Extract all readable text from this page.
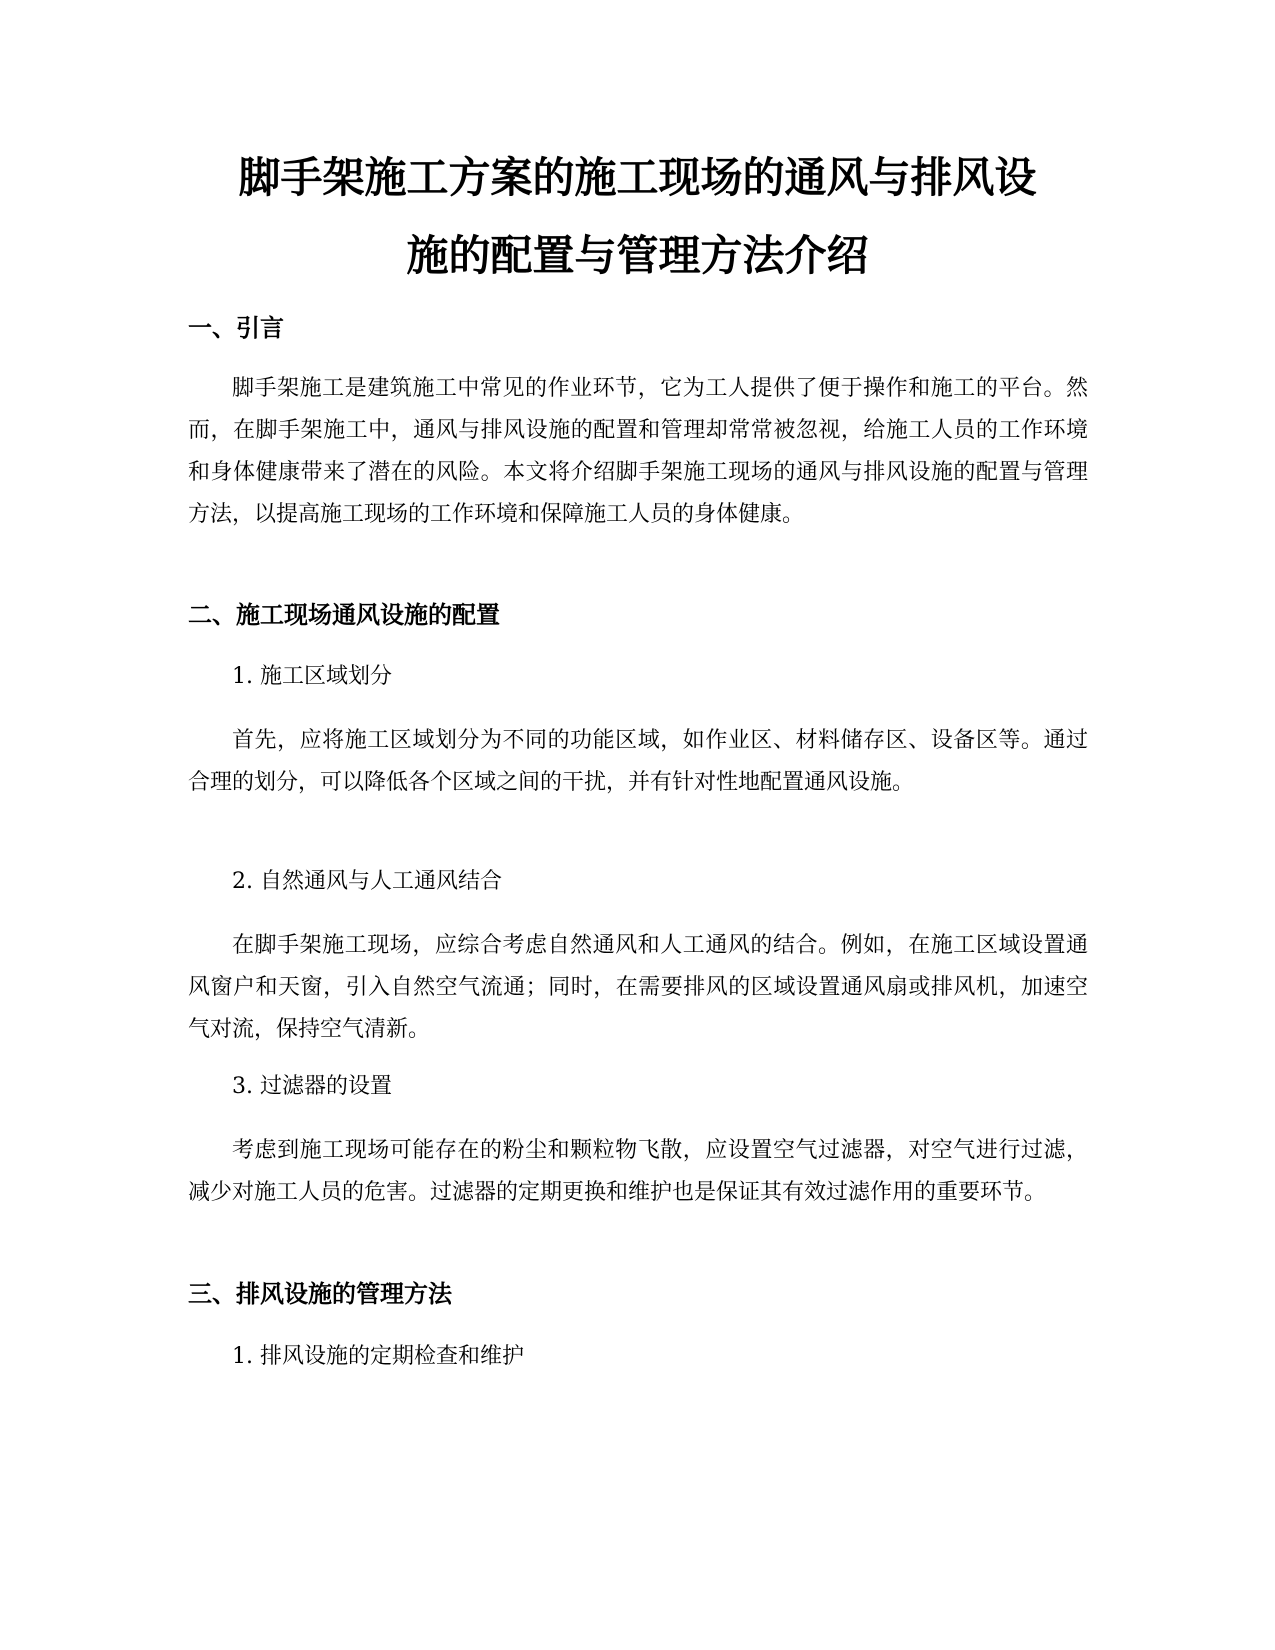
脚手架施工方案的施工现场的通风与排风设
施的配置与管理方法介绍
一、引言

脚手架施工是建筑施工中常见的作业环节，它为工人提供了便于操作和施工的平台。然而，在脚手架施工中，通风与排风设施的配置和管理却常常被忽视，给施工人员的工作环境和身体健康带来了潜在的风险。本文将介绍脚手架施工现场的通风与排风设施的配置与管理方法，以提高施工现场的工作环境和保障施工人员的身体健康。

二、施工现场通风设施的配置

1. 施工区域划分

首先，应将施工区域划分为不同的功能区域，如作业区、材料储存区、设备区等。通过合理的划分，可以降低各个区域之间的干扰，并有针对性地配置通风设施。

2. 自然通风与人工通风结合

在脚手架施工现场，应综合考虑自然通风和人工通风的结合。例如，在施工区域设置通风窗户和天窗，引入自然空气流通；同时，在需要排风的区域设置通风扇或排风机，加速空气对流，保持空气清新。

3. 过滤器的设置

考虑到施工现场可能存在的粉尘和颗粒物飞散，应设置空气过滤器，对空气进行过滤，减少对施工人员的危害。过滤器的定期更换和维护也是保证其有效过滤作用的重要环节。

三、排风设施的管理方法

1. 排风设施的定期检查和维护
